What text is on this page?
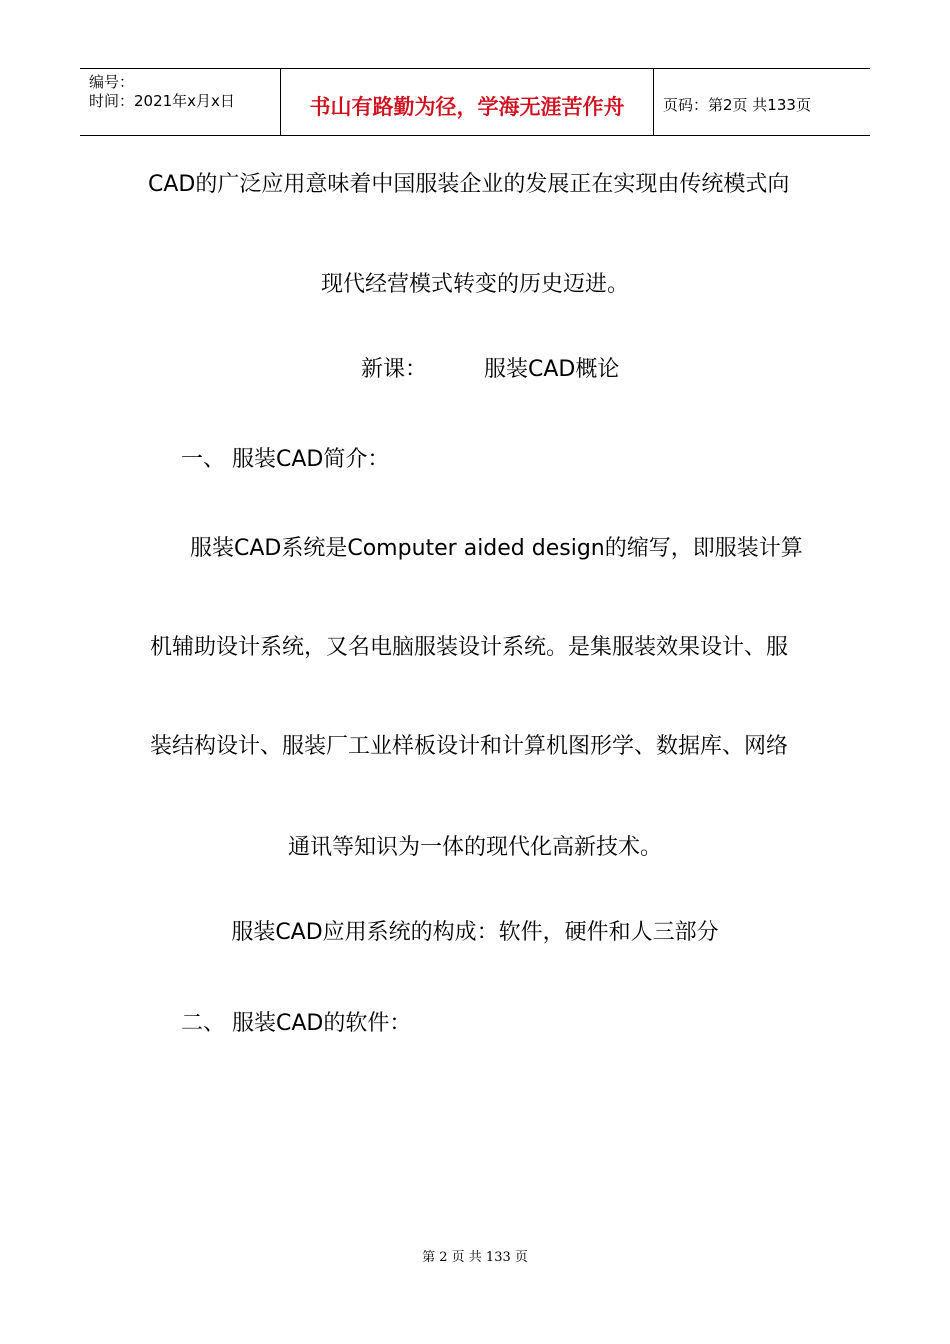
编号：
时间：2021年x月x日	书山有路勤为径，学海无涯苦作舟	页码：第2页 共133页
CAD的广泛应用意味着中国服装企业的发展正在实现由传统模式向
现代经营模式转变的历史迈进。
新课：	服装CAD概论
一、 服装CAD简介：
服装CAD系统是Computer aided design的缩写，即服装计算
机辅助设计系统，又名电脑服装设计系统。是集服装效果设计、服
装结构设计、服装厂工业样板设计和计算机图形学、数据库、网络
通讯等知识为一体的现代化高新技术。
服装CAD应用系统的构成：软件，硬件和人三部分
二、 服装CAD的软件：
第 2 页 共 133 页
